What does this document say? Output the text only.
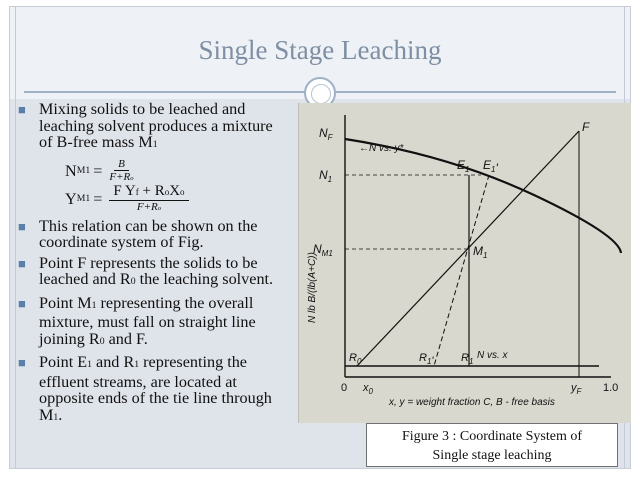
Single Stage Leaching
■ Mixing solids to be leached and leaching solvent produces a mixture of B-free mass M1
N $M1 = \frac{B}{F+Ro}$
Y $M1 = \frac{\text{F Yf + RoXo}}{F+Ro}$
■ This relation can be shown on the coordinate system of Fig.
■ Point F represents the solids to be leached and R0 the leaching solvent.
■ Point M1 representing the overall mixture, must fall on straight line joining R0 and F.
■ Point E1 and R1 representing the effluent streams, are located at opposite ends of the tie line through M1.
$N_F$
$N_1$
$N_{M1}$
F
$E_1$ $E_1'$
$M_1$
←N vs. y*
N vs. x
$R_0$	$R_1'$ $R_1$
0 $x_0$	$y_F$ 1.0
x, y = weight fraction C, B - free basis
N lb B/(lb(A+C))
Figure 3 : Coordinate System of
Single stage leaching
